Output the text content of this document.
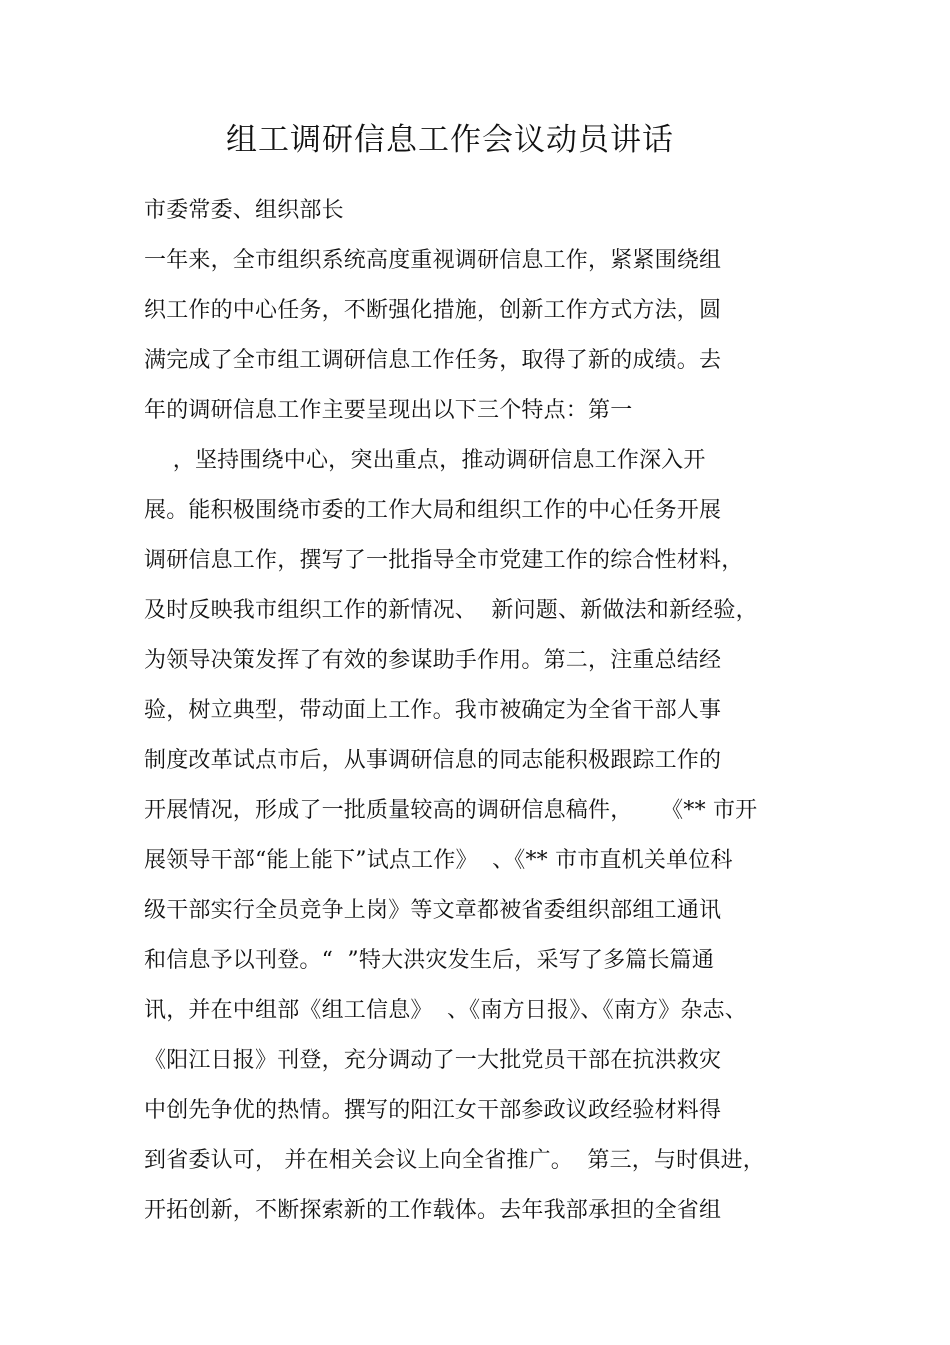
组工调研信息工作会议动员讲话
市委常委、组织部长
一年来，全市组织系统高度重视调研信息工作，紧紧围绕组
织工作的中心任务，不断强化措施，创新工作方式方法，圆
满完成了全市组工调研信息工作任务，取得了新的成绩。去
年的调研信息工作主要呈现出以下三个特点：第一
，坚持围绕中心，突出重点，推动调研信息工作深入开
展。能积极围绕市委的工作大局和组织工作的中心任务开展
调研信息工作，撰写了一批指导全市党建工作的综合性材料，
及时反映我市组织工作的新情况、  新问题、新做法和新经验，
为领导决策发挥了有效的参谋助手作用。第二，注重总结经
验，树立典型，带动面上工作。我市被确定为全省干部人事
制度改革试点市后，从事调研信息的同志能积极跟踪工作的
开展情况，形成了一批质量较高的调研信息稿件，    《** 市开
展领导干部“能上能下”试点工作》  、《** 市市直机关单位科
级干部实行全员竞争上岗》等文章都被省委组织部组工通讯
和信息予以刊登。“  ”特大洪灾发生后，采写了多篇长篇通
讯，并在中组部《组工信息》  、《南方日报》、《南方》杂志、
《阳江日报》刊登，充分调动了一大批党员干部在抗洪救灾
中创先争优的热情。撰写的阳江女干部参政议政经验材料得
到省委认可， 并在相关会议上向全省推广。  第三，与时俱进，
开拓创新，不断探索新的工作载体。去年我部承担的全省组
